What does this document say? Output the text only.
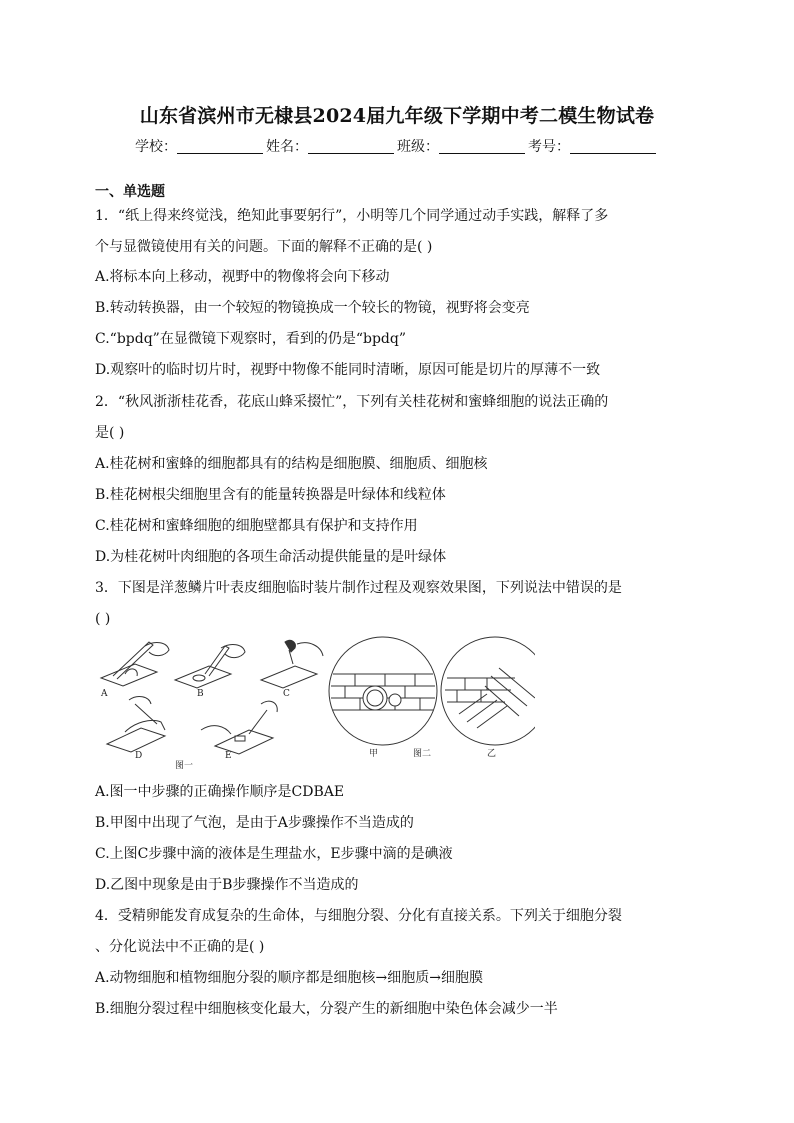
山东省滨州市无棣县2024届九年级下学期中考二模生物试卷
学校：	姓名：	班级：	考号：
一、单选题
1．“纸上得来终觉浅，绝知此事要躬行”，小明等几个同学通过动手实践，解释了多
个与显微镜使用有关的问题。下面的解释不正确的是( )
A.将标本向上移动，视野中的物像将会向下移动
B.转动转换器，由一个较短的物镜换成一个较长的物镜，视野将会变亮
C.“bpdq”在显微镜下观察时，看到的仍是“bpdq”
D.观察叶的临时切片时，视野中物像不能同时清晰，原因可能是切片的厚薄不一致
2．“秋风浙浙桂花香，花底山蜂采掇忙”，下列有关桂花树和蜜蜂细胞的说法正确的
是( )
A.桂花树和蜜蜂的细胞都具有的结构是细胞膜、细胞质、细胞核
B.桂花树根尖细胞里含有的能量转换器是叶绿体和线粒体
C.桂花树和蜜蜂细胞的细胞壁都具有保护和支持作用
D.为桂花树叶肉细胞的各项生命活动提供能量的是叶绿体
3．下图是洋葱鳞片叶表皮细胞临时装片制作过程及观察效果图，下列说法中错误的是
( )
A	B	C
D	E
图一
甲	图二	乙
A.图一中步骤的正确操作顺序是CDBAE
B.甲图中出现了气泡，是由于A步骤操作不当造成的
C.上图C步骤中滴的液体是生理盐水，E步骤中滴的是碘液
D.乙图中现象是由于B步骤操作不当造成的
4．受精卵能发育成复杂的生命体，与细胞分裂、分化有直接关系。下列关于细胞分裂
、分化说法中不正确的是( )
A.动物细胞和植物细胞分裂的顺序都是细胞核→细胞质→细胞膜
B.细胞分裂过程中细胞核变化最大，分裂产生的新细胞中染色体会减少一半
